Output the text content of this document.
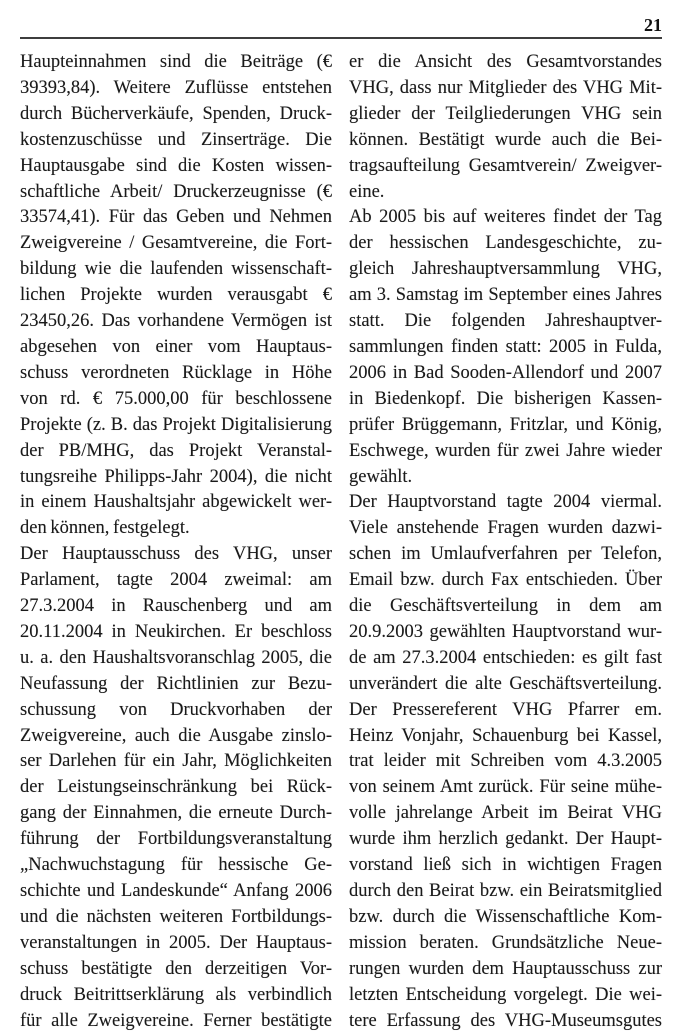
21
Haupteinnahmen sind die Beiträge (€
39393,84). Weitere Zuflüsse entstehen
durch Bücherverkäufe, Spenden, Druck-
kostenzuschüsse und Zinserträge. Die
Hauptausgabe sind die Kosten wissen-
schaftliche Arbeit/ Druckerzeugnisse (€
33574,41). Für das Geben und Nehmen
Zweigvereine / Gesamtvereine, die Fort-
bildung wie die laufenden wissenschaft-
lichen Projekte wurden verausgabt €
23450,26. Das vorhandene Vermögen ist
abgesehen von einer vom Hauptaus-
schuss verordneten Rücklage in Höhe
von rd. € 75.000,00 für beschlossene
Projekte (z. B. das Projekt Digitalisierung
der PB/MHG, das Projekt Veranstal-
tungsreihe Philipps-Jahr 2004), die nicht
in einem Haushaltsjahr abgewickelt wer-
den können, festgelegt.
Der Hauptausschuss des VHG, unser
Parlament, tagte 2004 zweimal: am
27.3.2004 in Rauschenberg und am
20.11.2004 in Neukirchen. Er beschloss
u. a. den Haushaltsvoranschlag 2005, die
Neufassung der Richtlinien zur Bezu-
schussung von Druckvorhaben der
Zweigvereine, auch die Ausgabe zinslo-
ser Darlehen für ein Jahr, Möglichkeiten
der Leistungseinschränkung bei Rück-
gang der Einnahmen, die erneute Durch-
führung der Fortbildungsveranstaltung
„Nachwuchstagung für hessische Ge-
schichte und Landeskunde“ Anfang 2006
und die nächsten weiteren Fortbildungs-
veranstaltungen in 2005. Der Hauptaus-
schuss bestätigte den derzeitigen Vor-
druck Beitrittserklärung als verbindlich
für alle Zweigvereine. Ferner bestätigte
er die Ansicht des Gesamtvorstandes
VHG, dass nur Mitglieder des VHG Mit-
glieder der Teilgliederungen VHG sein
können. Bestätigt wurde auch die Bei-
tragsaufteilung Gesamtverein/ Zweigver-
eine.
Ab 2005 bis auf weiteres findet der Tag
der hessischen Landesgeschichte, zu-
gleich Jahreshauptversammlung VHG,
am 3. Samstag im September eines Jahres
statt. Die folgenden Jahreshauptver-
sammlungen finden statt: 2005 in Fulda,
2006 in Bad Sooden-Allendorf und 2007
in Biedenkopf. Die bisherigen Kassen-
prüfer Brüggemann, Fritzlar, und König,
Eschwege, wurden für zwei Jahre wieder
gewählt.
Der Hauptvorstand tagte 2004 viermal.
Viele anstehende Fragen wurden dazwi-
schen im Umlaufverfahren per Telefon,
Email bzw. durch Fax entschieden. Über
die Geschäftsverteilung in dem am
20.9.2003 gewählten Hauptvorstand wur-
de am 27.3.2004 entschieden: es gilt fast
unverändert die alte Geschäftsverteilung.
Der Pressereferent VHG Pfarrer em.
Heinz Vonjahr, Schauenburg bei Kassel,
trat leider mit Schreiben vom 4.3.2005
von seinem Amt zurück. Für seine mühe-
volle jahrelange Arbeit im Beirat VHG
wurde ihm herzlich gedankt. Der Haupt-
vorstand ließ sich in wichtigen Fragen
durch den Beirat bzw. ein Beiratsmitglied
bzw. durch die Wissenschaftliche Kom-
mission beraten. Grundsätzliche Neue-
rungen wurden dem Hauptausschuss zur
letzten Entscheidung vorgelegt. Die wei-
tere Erfassung des VHG-Museumsgutes
